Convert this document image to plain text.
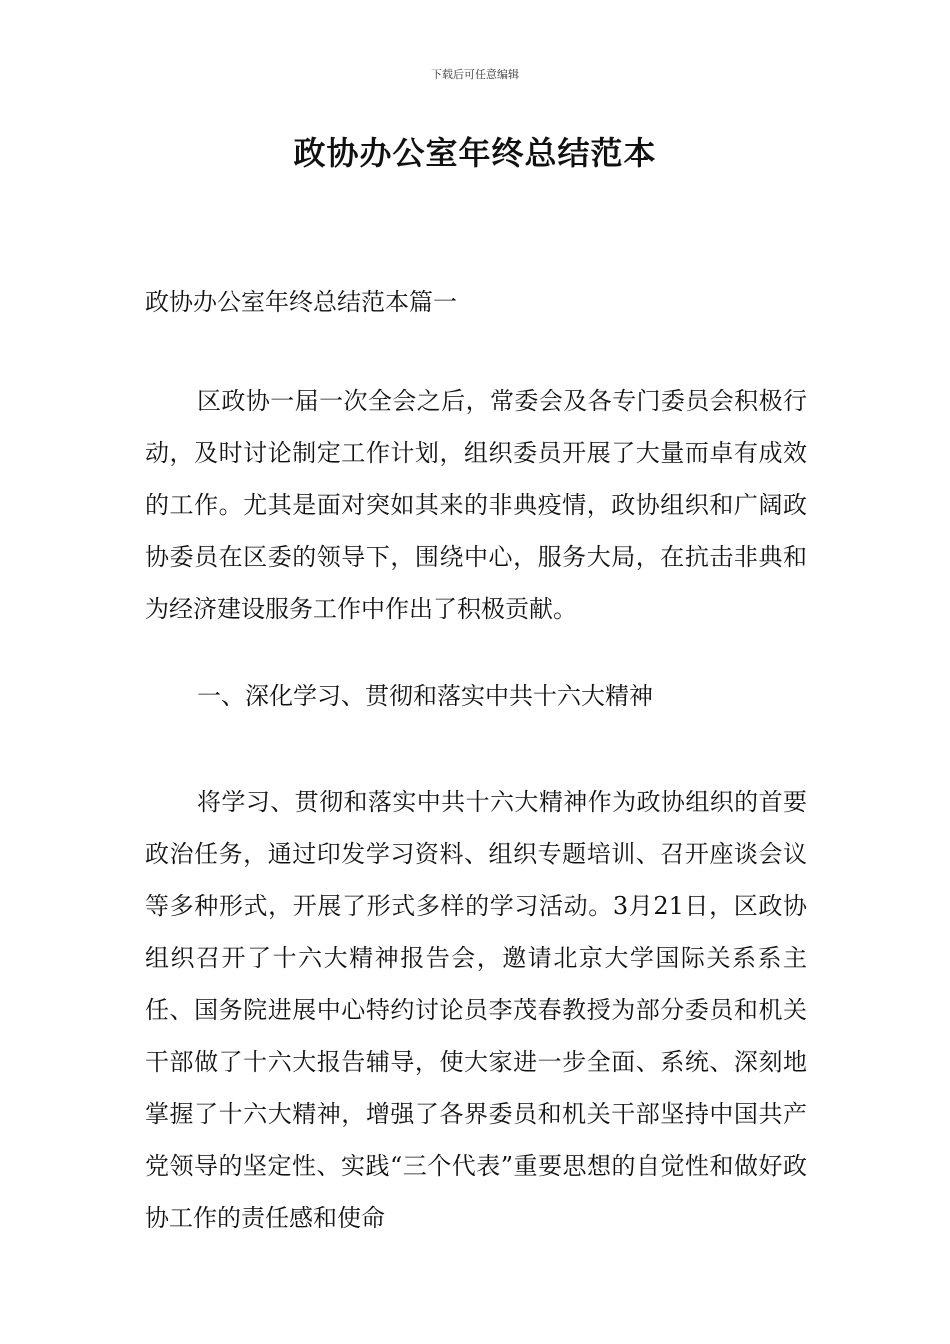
下载后可任意编辑
政协办公室年终总结范本
政协办公室年终总结范本篇一

区政协一届一次全会之后，常委会及各专门委员会积极行动，及时讨论制定工作计划，组织委员开展了大量而卓有成效的工作。尤其是面对突如其来的非典疫情，政协组织和广阔政协委员在区委的领导下，围绕中心，服务大局，在抗击非典和为经济建设服务工作中作出了积极贡献。

一、深化学习、贯彻和落实中共十六大精神

将学习、贯彻和落实中共十六大精神作为政协组织的首要政治任务，通过印发学习资料、组织专题培训、召开座谈会议等多种形式，开展了形式多样的学习活动。3月21日，区政协组织召开了十六大精神报告会，邀请北京大学国际关系系主任、国务院进展中心特约讨论员李茂春教授为部分委员和机关干部做了十六大报告辅导，使大家进一步全面、系统、深刻地掌握了十六大精神，增强了各界委员和机关干部坚持中国共产党领导的坚定性、实践“三个代表”重要思想的自觉性和做好政协工作的责任感和使命
